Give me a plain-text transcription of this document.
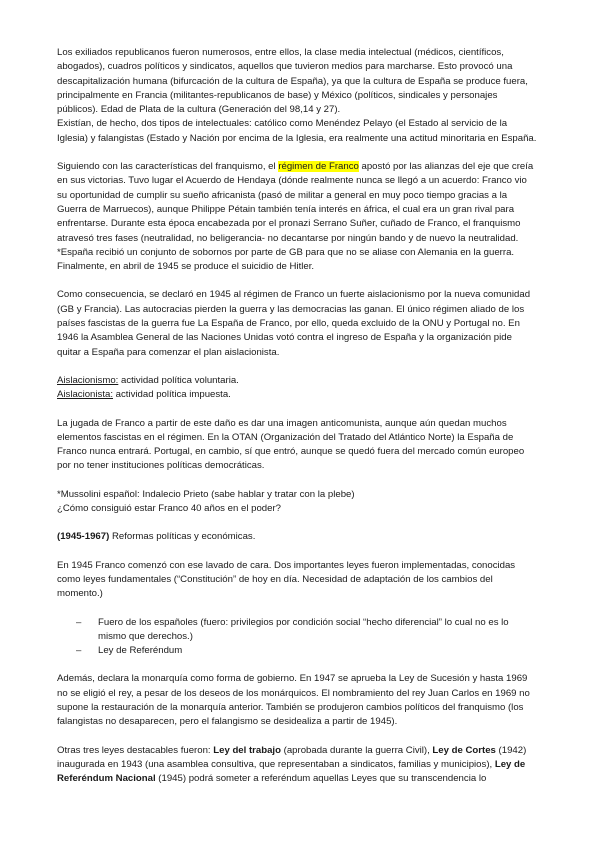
Los exiliados republicanos fueron numerosos, entre ellos, la clase media intelectual (médicos, científicos, abogados), cuadros políticos y sindicatos, aquellos que tuvieron medios para marcharse. Esto provocó una descapitalización humana (bifurcación de la cultura de España), ya que la cultura de España se produce fuera, principalmente en Francia (militantes-republicanos de base) y México (políticos, sindicales y personajes públicos). Edad de Plata de la cultura (Generación del 98,14 y 27).

Existían, de hecho, dos tipos de intelectuales: católico como Menéndez Pelayo (el Estado al servicio de la Iglesia) y falangistas (Estado y Nación por encima de la Iglesia, era realmente una actitud minoritaria en España.

Siguiendo con las características del franquismo, el régimen de Franco apostó por las alianzas del eje que creía en sus victorias. Tuvo lugar el Acuerdo de Hendaya (dónde realmente nunca se llegó a un acuerdo: Franco vio su oportunidad de cumplir su sueño africanista (pasó de militar a general en muy poco tiempo gracias a la Guerra de Marruecos), aunque Philippe Pétain también tenía interés en áfrica, el cual era un gran rival para enfrentarse. Durante esta época encabezada por el pronazi Serrano Suñer, cuñado de Franco, el franquismo atravesó tres fases (neutralidad, no beligerancia- no decantarse por ningún bando y de nuevo la neutralidad. *España recibió un conjunto de sobornos por parte de GB para que no se aliase con Alemania en la guerra.

Finalmente, en abril de 1945 se produce el suicidio de Hitler.

Como consecuencia, se declaró en 1945 al régimen de Franco un fuerte aislacionismo por la nueva comunidad (GB y Francia). Las autocracias pierden la guerra y las democracias las ganan. El único régimen aliado de los países fascistas de la guerra fue La España de Franco, por ello, queda excluido de la ONU y Portugal no. En 1946 la Asamblea General de las Naciones Unidas votó contra el ingreso de España y la organización pide quitar a España para comenzar el plan aislacionista.

Aislacionismo: actividad política voluntaria.

Aislacionista: actividad política impuesta.

La jugada de Franco a partir de este daño es dar una imagen anticomunista, aunque aún quedan muchos elementos fascistas en el régimen. En la OTAN (Organización del Tratado del Atlántico Norte) la España de Franco nunca entrará. Portugal, en cambio, sí que entró, aunque se quedó fuera del mercado común europeo por no tener instituciones políticas democráticas.

*Mussolini español: Indalecio Prieto (sabe hablar y tratar con la plebe)

¿Cómo consiguió estar Franco 40 años en el poder?

(1945-1967) Reformas políticas y económicas.

En 1945 Franco comenzó con ese lavado de cara. Dos importantes leyes fueron implementadas, conocidas como leyes fundamentales (“Constitución” de hoy en día. Necesidad de adaptación de los cambios del momento.)

– Fuero de los españoles (fuero: privilegios por condición social “hecho diferencial” lo cual no es lo mismo que derechos.)
– Ley de Referéndum

Además, declara la monarquía como forma de gobierno. En 1947 se aprueba la Ley de Sucesión y hasta 1969 no se eligió el rey, a pesar de los deseos de los monárquicos. El nombramiento del rey Juan Carlos en 1969 no supone la restauración de la monarquía anterior. También se produjeron cambios políticos del franquismo (los falangistas no desaparecen, pero el falangismo se desidealiza a partir de 1945).

Otras tres leyes destacables fueron: Ley del trabajo (aprobada durante la guerra Civil), Ley de Cortes (1942) inaugurada en 1943 (una asamblea consultiva, que representaban a sindicatos, familias y municipios), Ley de Referéndum Nacional (1945) podrá someter a referéndum aquellas Leyes que su transcendencia lo
